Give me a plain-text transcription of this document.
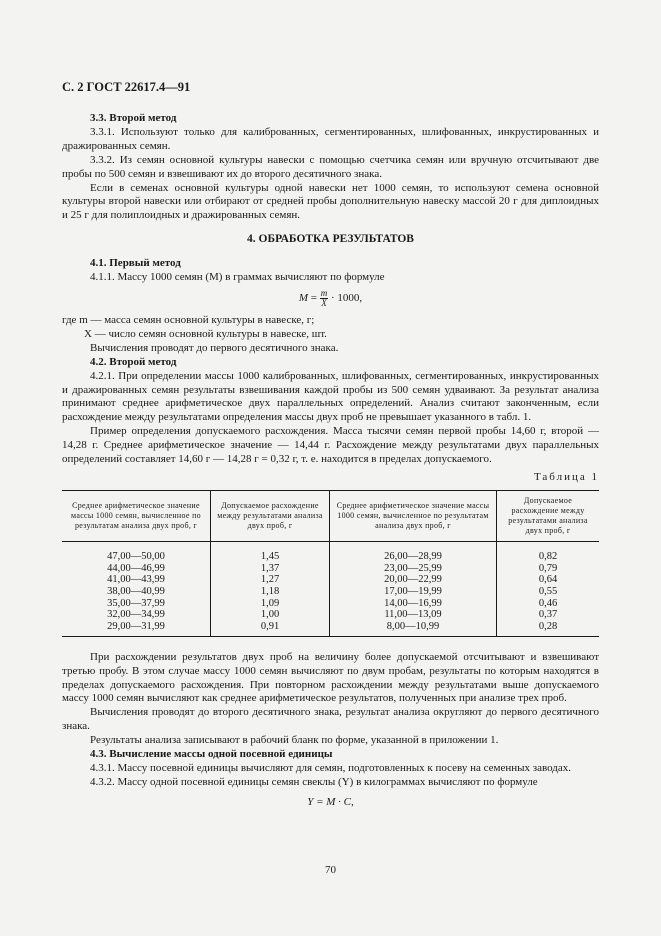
С. 2 ГОСТ 22617.4—91

3.3. Второй метод

3.3.1. Используют только для калиброванных, сегментированных, шлифованных, инкрустированных и дражированных семян.

3.3.2. Из семян основной культуры навески с помощью счетчика семян или вручную отсчитывают две пробы по 500 семян и взвешивают их до второго десятичного знака.

Если в семенах основной культуры одной навески нет 1000 семян, то используют семена основной культуры второй навески или отбирают от средней пробы дополнительную навеску массой 20 г для диплоидных и 25 г для полиплоидных и дражированных семян.

4. ОБРАБОТКА РЕЗУЛЬТАТОВ

4.1. Первый метод

4.1.1. Массу 1000 семян (М) в граммах вычисляют по формуле

$M = \frac{m}{X} \cdot 1000$,

где m — масса семян основной культуры в навеске, г;

X — число семян основной культуры в навеске, шт.

Вычисления проводят до первого десятичного знака.

4.2. Второй метод

4.2.1. При определении массы 1000 калиброванных, шлифованных, сегментированных, инкрустированных и дражированных семян результаты взвешивания каждой пробы из 500 семян удваивают. За результат анализа принимают среднее арифметическое двух параллельных определений. Анализ считают законченным, если расхождение между результатами определения массы двух проб не превышает указанного в табл. 1.

Пример определения допускаемого расхождения. Масса тысячи семян первой пробы 14,60 г, второй — 14,28 г. Среднее арифметическое значение — 14,44 г. Расхождение между результатами двух параллельных определений составляет 14,60 г — 14,28 г = 0,32 г, т. е. находится в пределах допускаемого.

Таблица 1
Среднее арифметическое значение массы 1000 семян, вычисленное по результатам анализа двух проб, г	Допускаемое расхождение между результатами анализа двух проб, г	Среднее арифметическое значение массы 1000 семян, вычисленное по результатам анализа двух проб, г	Допускаемое расхождение между результатами анализа двух проб, г
47,00—50,00	1,45	26,00—28,99	0,82
44,00—46,99	1,37	23,00—25,99	0,79
41,00—43,99	1,27	20,00—22,99	0,64
38,00—40,99	1,18	17,00—19,99	0,55
35,00—37,99	1,09	14,00—16,99	0,46
32,00—34,99	1,00	11,00—13,09	0,37
29,00—31,99	0,91	8,00—10,99	0,28

При расхождении результатов двух проб на величину более допускаемой отсчитывают и взвешивают третью пробу. В этом случае массу 1000 семян вычисляют по двум пробам, результаты по которым находятся в пределах допускаемого расхождения. При повторном расхождении между результатами выше допускаемого массу 1000 семян вычисляют как среднее арифметическое результатов, полученных при анализе трех проб.

Вычисления проводят до второго десятичного знака, результат анализа округляют до первого десятичного знака.

Результаты анализа записывают в рабочий бланк по форме, указанной в приложении 1.

4.3. Вычисление массы одной посевной единицы

4.3.1. Массу посевной единицы вычисляют для семян, подготовленных к посеву на семенных заводах.

4.3.2. Массу одной посевной единицы семян свеклы (Y) в килограммах вычисляют по формуле

Y = M · C,
70
